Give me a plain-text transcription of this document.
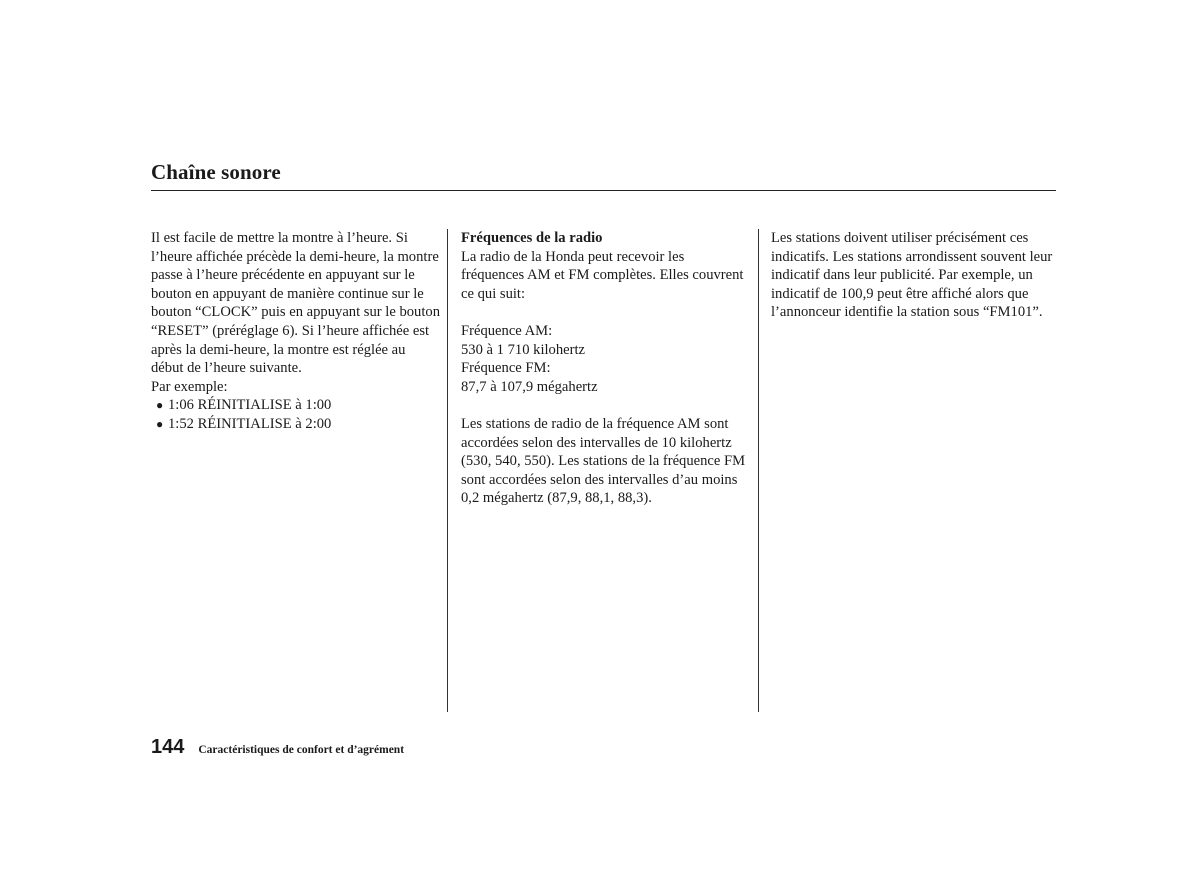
Chaîne sonore

Il est facile de mettre la montre à l’heure. Si l’heure affichée précède la demi-heure, la montre passe à l’heure précédente en appuyant sur le bouton en appuyant de manière continue sur le bouton “CLOCK” puis en appuyant sur le bouton “RESET” (préréglage 6). Si l’heure affichée est après la demi-heure, la montre est réglée au début de l’heure suivante.

Par exemple:

● 1:06 RÉINITIALISE à 1:00
● 1:52 RÉINITIALISE à 2:00

Fréquences de la radio

La radio de la Honda peut recevoir les fréquences AM et FM complètes. Elles couvrent ce qui suit:

Fréquence AM:

530 à 1 710 kilohertz

Fréquence FM:

87,7 à 107,9 mégahertz

Les stations de radio de la fréquence AM sont accordées selon des intervalles de 10 kilohertz (530, 540, 550). Les stations de la fréquence FM sont accordées selon des intervalles d’au moins 0,2 mégahertz (87,9, 88,1, 88,3).

Les stations doivent utiliser précisément ces indicatifs. Les stations arrondissent souvent leur indicatif dans leur publicité. Par exemple, un indicatif de 100,9 peut être affiché alors que l’annonceur identifie la station sous “FM101”.

144 Caractéristiques de confort et d’agrément
